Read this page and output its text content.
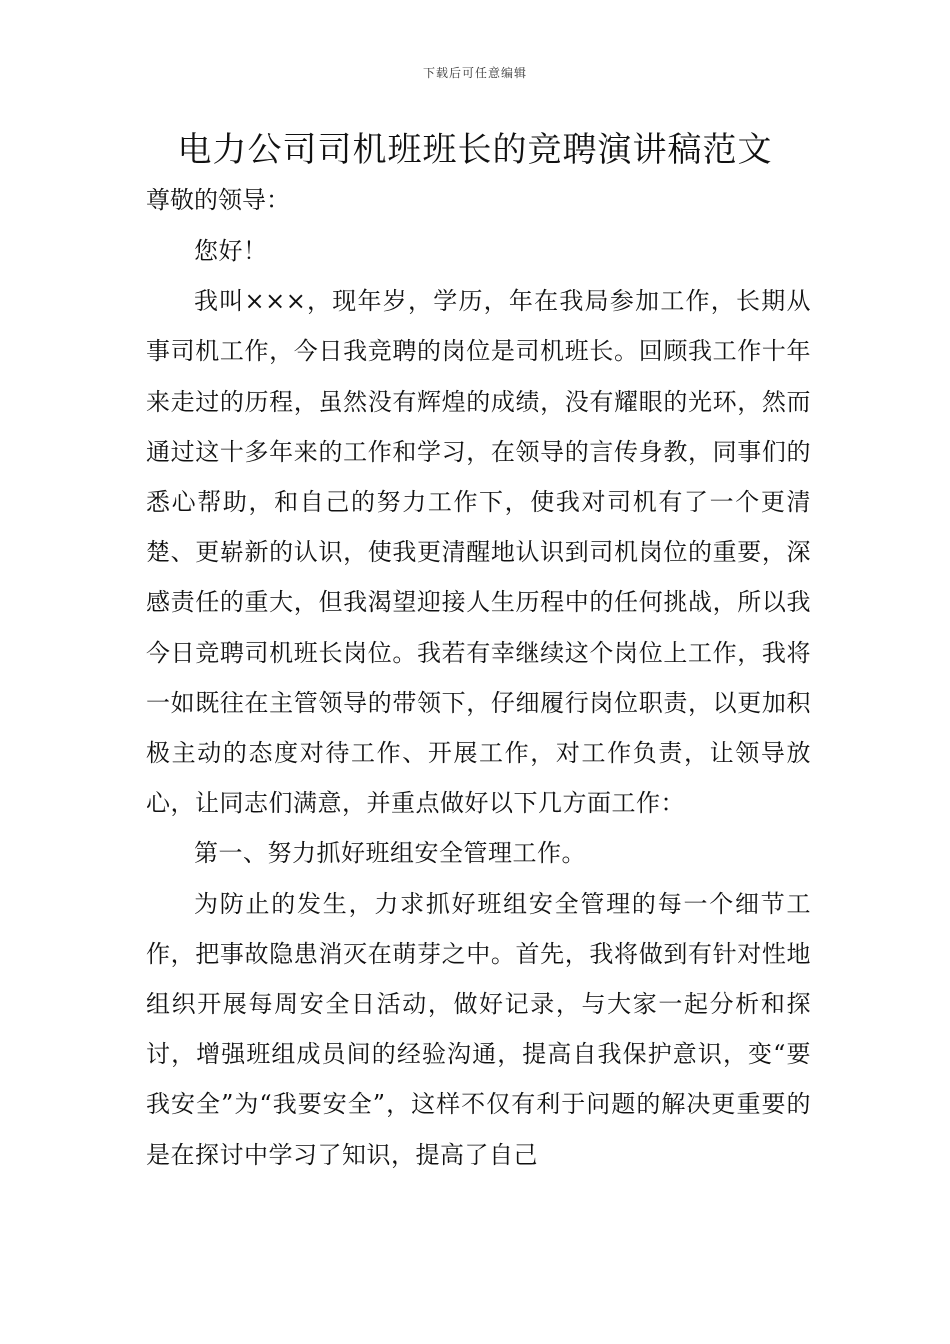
下载后可任意编辑
电力公司司机班班长的竞聘演讲稿范文

尊敬的领导：

您好！

我叫×××，现年岁，学历，年在我局参加工作，长期从事司机工作，今日我竞聘的岗位是司机班长。回顾我工作十年来走过的历程，虽然没有辉煌的成绩，没有耀眼的光环，然而通过这十多年来的工作和学习，在领导的言传身教，同事们的悉心帮助，和自己的努力工作下，使我对司机有了一个更清楚、更崭新的认识，使我更清醒地认识到司机岗位的重要，深感责任的重大，但我渴望迎接人生历程中的任何挑战，所以我今日竞聘司机班长岗位。我若有幸继续这个岗位上工作，我将一如既往在主管领导的带领下，仔细履行岗位职责，以更加积极主动的态度对待工作、开展工作，对工作负责，让领导放心，让同志们满意，并重点做好以下几方面工作：

第一、努力抓好班组安全管理工作。

为防止的发生，力求抓好班组安全管理的每一个细节工作，把事故隐患消灭在萌芽之中。首先，我将做到有针对性地组织开展每周安全日活动，做好记录，与大家一起分析和探讨，增强班组成员间的经验沟通，提高自我保护意识，变“要我安全”为“我要安全”，这样不仅有利于问题的解决更重要的是在探讨中学习了知识，提高了自己
